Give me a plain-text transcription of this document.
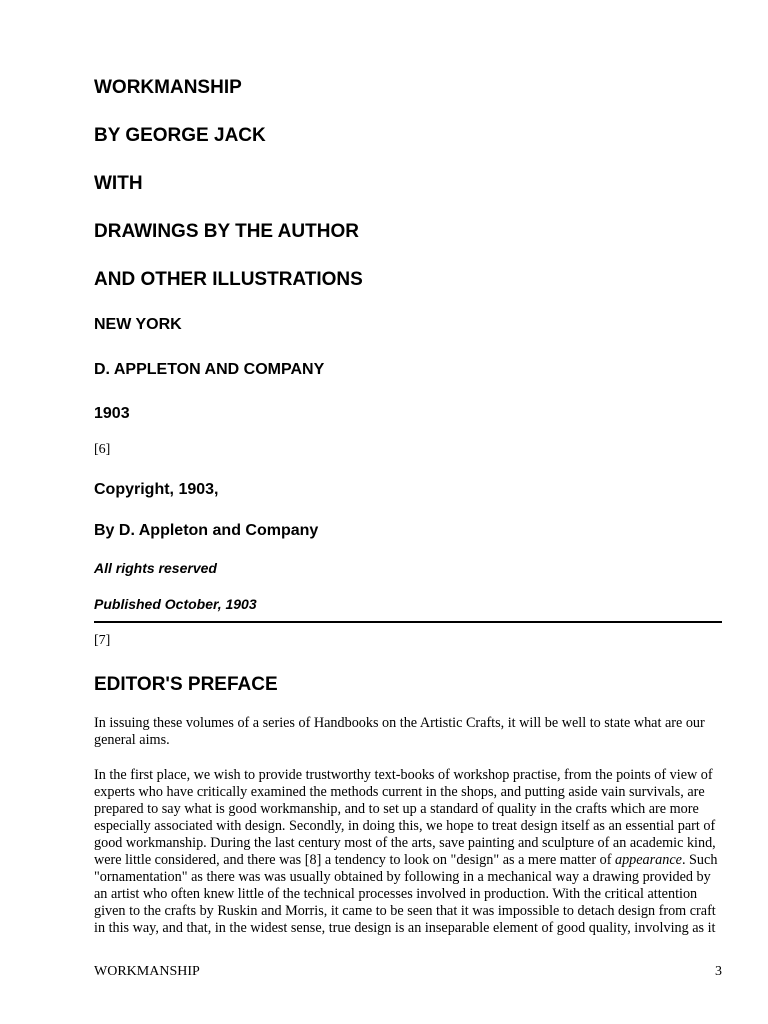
WORKMANSHIP
BY GEORGE JACK
WITH
DRAWINGS BY THE AUTHOR
AND OTHER ILLUSTRATIONS
NEW YORK
D. APPLETON AND COMPANY
1903

[6]

Copyright, 1903,
By D. Appleton and Company
All rights reserved
Published October, 1903

[7]

EDITOR'S PREFACE

In issuing these volumes of a series of Handbooks on the Artistic Crafts, it will be well to state what are our general aims.

In the first place, we wish to provide trustworthy text-books of workshop practise, from the points of view of experts who have critically examined the methods current in the shops, and putting aside vain survivals, are prepared to say what is good workmanship, and to set up a standard of quality in the crafts which are more especially associated with design. Secondly, in doing this, we hope to treat design itself as an essential part of good workmanship. During the last century most of the arts, save painting and sculpture of an academic kind, were little considered, and there was [8] a tendency to look on "design" as a mere matter of appearance. Such "ornamentation" as there was was usually obtained by following in a mechanical way a drawing provided by an artist who often knew little of the technical processes involved in production. With the critical attention given to the crafts by Ruskin and Morris, it came to be seen that it was impossible to detach design from craft in this way, and that, in the widest sense, true design is an inseparable element of good quality, involving as it

WORKMANSHIP	3
